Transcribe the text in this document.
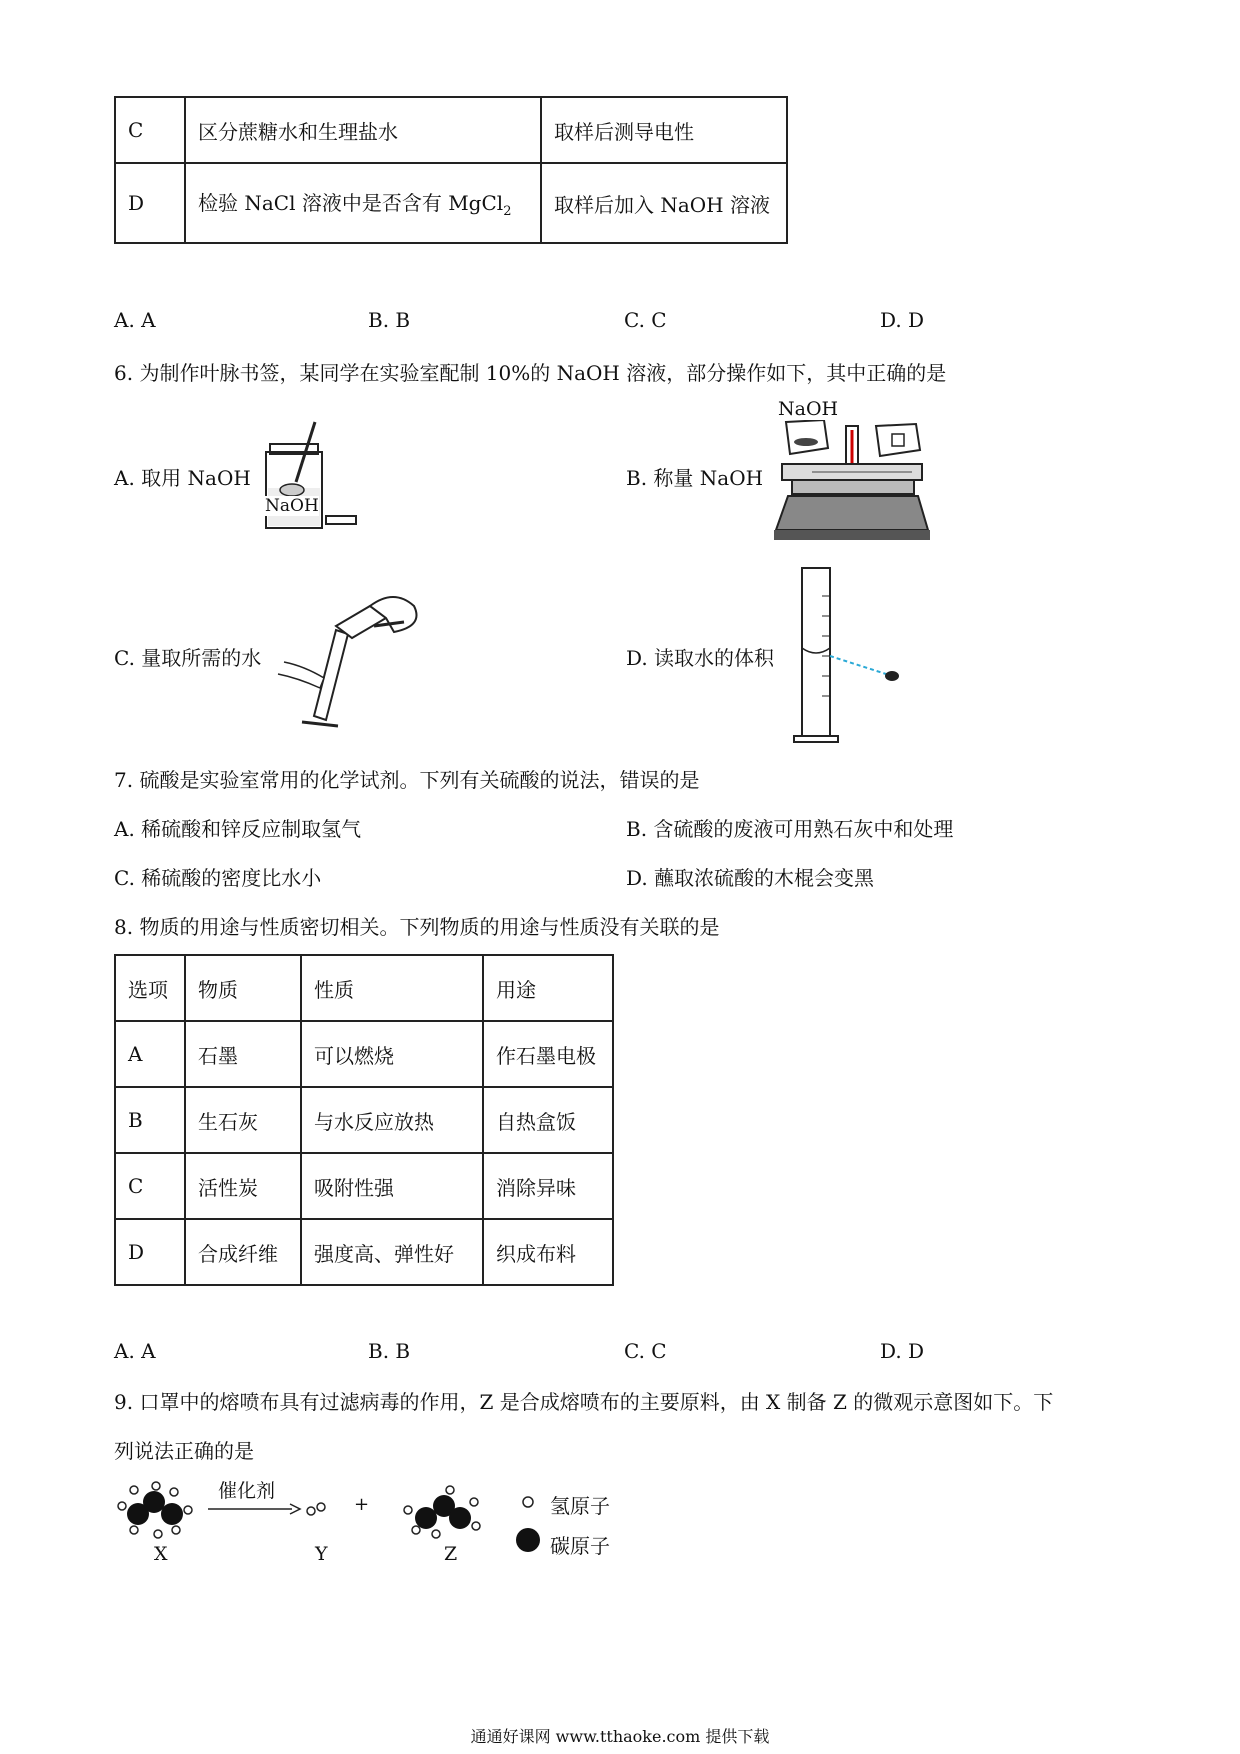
C	区分蔗糖水和生理盐水	取样后测导电性
D	检验 NaCl 溶液中是否含有 MgCl$_2$	取样后加入 NaOH 溶液
A. A	B. B	C. C	D. D
6. 为制作叶脉书签，某同学在实验室配制 10%的 NaOH 溶液，部分操作如下，其中正确的是
A. 取用 NaOH
NaOH
B. 称量 NaOH
NaOH
C. 量取所需的水	D. 读取水的体积
7. 硫酸是实验室常用的化学试剂。下列有关硫酸的说法，错误的是
A. 稀硫酸和锌反应制取氢气	B. 含硫酸的废液可用熟石灰中和处理
C. 稀硫酸的密度比水小	D. 蘸取浓硫酸的木棍会变黑
8. 物质的用途与性质密切相关。下列物质的用途与性质没有关联的是
选项	物质	性质	用途
A	石墨	可以燃烧	作石墨电极
B	生石灰	与水反应放热	自热盒饭
C	活性炭	吸附性强	消除异味
D	合成纤维	强度高、弹性好	织成布料
A. A	B. B	C. C	D. D
9. 口罩中的熔喷布具有过滤病毒的作用，Z 是合成熔喷布的主要原料，由 X 制备 Z 的微观示意图如下。下
列说法正确的是
X
催化剂
Y
+
Z
氢原子
碳原子
通通好课网 www.tthaoke.com 提供下载
